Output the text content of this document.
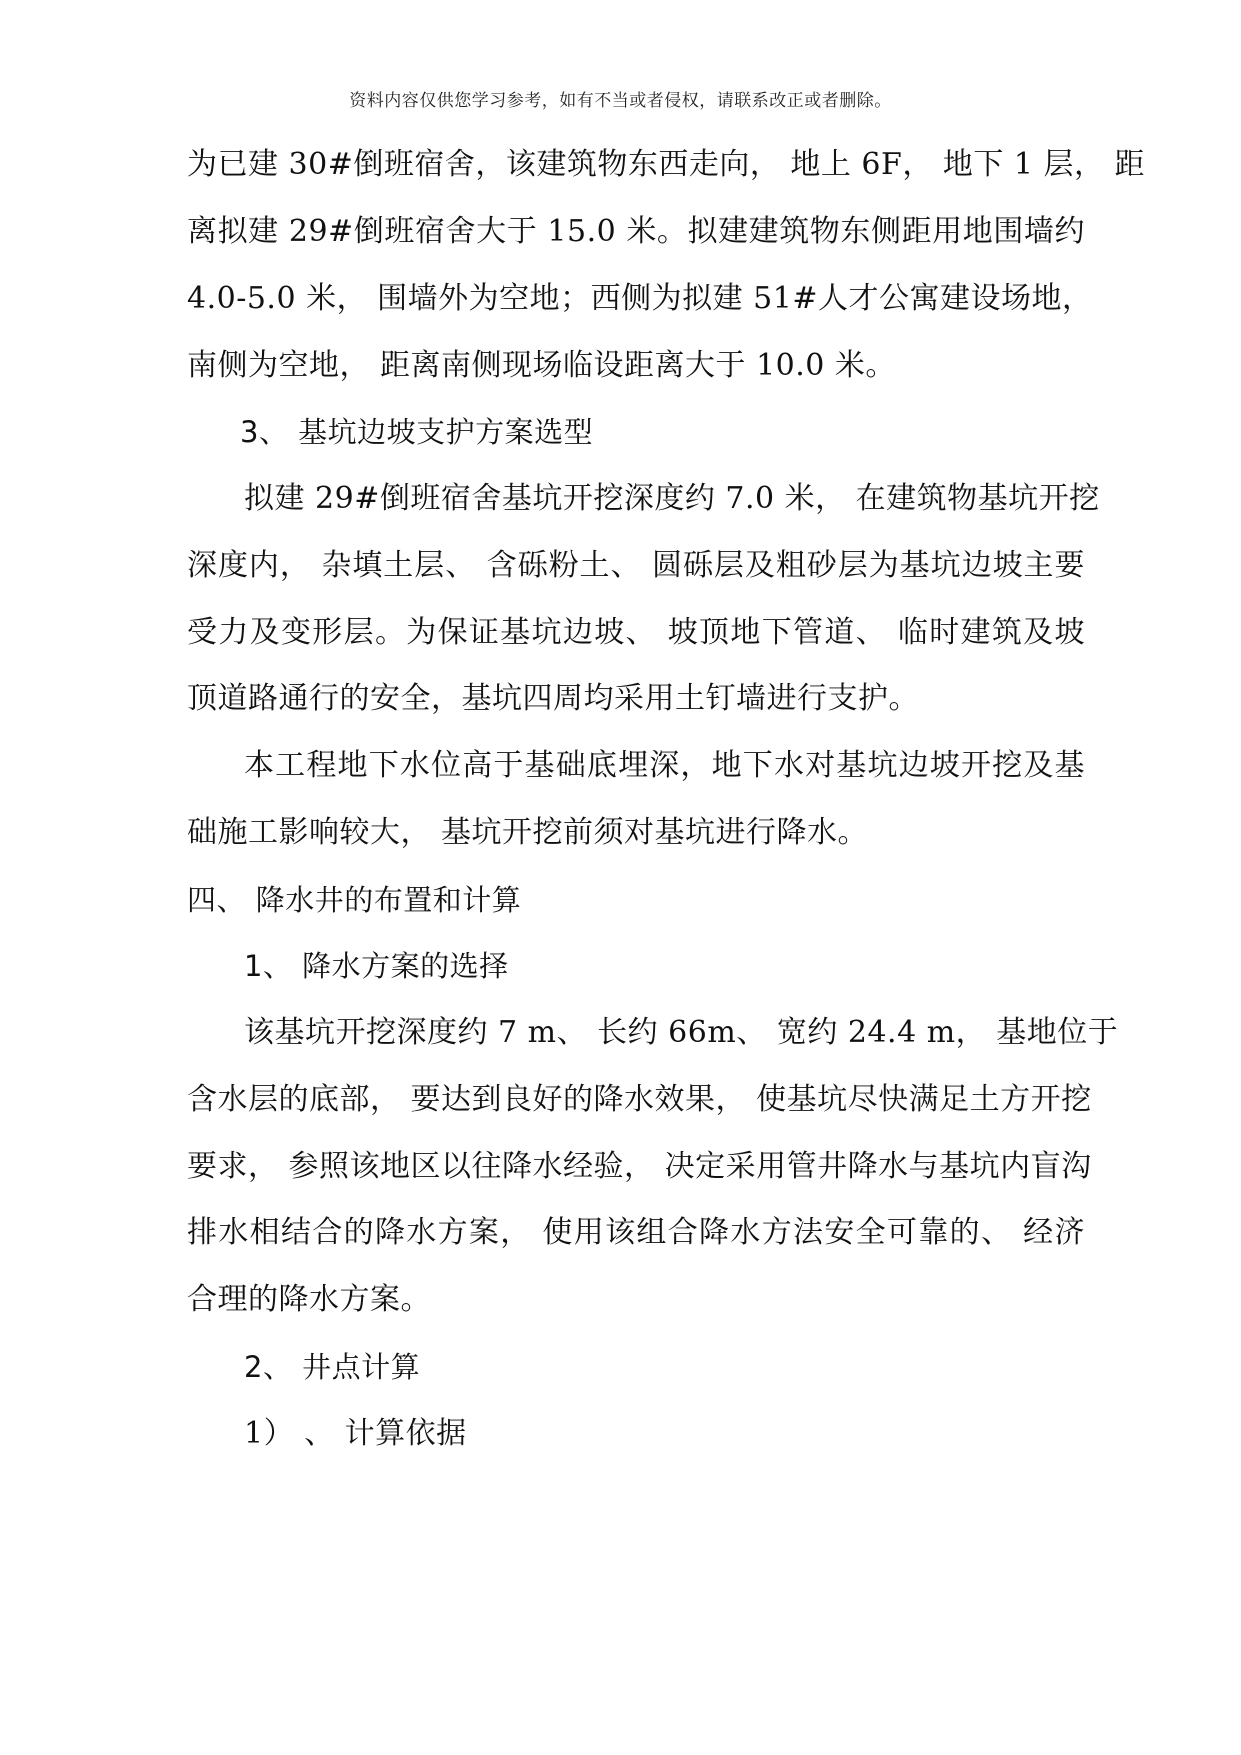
资料内容仅供您学习参考，如有不当或者侵权，请联系改正或者删除。
为已建 30#倒班宿舍，该建筑物东西走向， 地上 6F， 地下 1 层， 距
离拟建 29#倒班宿舍大于 15.0 米。拟建建筑物东侧距用地围墙约
4.0-5.0 米， 围墙外为空地；西侧为拟建 51#人才公寓建设场地，
南侧为空地， 距离南侧现场临设距离大于 10.0 米。
3、 基坑边坡支护方案选型
拟建 29#倒班宿舍基坑开挖深度约 7.0 米， 在建筑物基坑开挖
深度内， 杂填土层、 含砾粉土、 圆砾层及粗砂层为基坑边坡主要
受力及变形层。为保证基坑边坡、 坡顶地下管道、 临时建筑及坡
顶道路通行的安全，基坑四周均采用土钉墙进行支护。
本工程地下水位高于基础底埋深，地下水对基坑边坡开挖及基
础施工影响较大， 基坑开挖前须对基坑进行降水。
四、 降水井的布置和计算
1、 降水方案的选择
该基坑开挖深度约 7 m、 长约 66m、 宽约 24.4 m， 基地位于
含水层的底部， 要达到良好的降水效果， 使基坑尽快满足土方开挖
要求， 参照该地区以往降水经验， 决定采用管井降水与基坑内盲沟
排水相结合的降水方案， 使用该组合降水方法安全可靠的、 经济
合理的降水方案。
2、 井点计算
1） 、 计算依据
